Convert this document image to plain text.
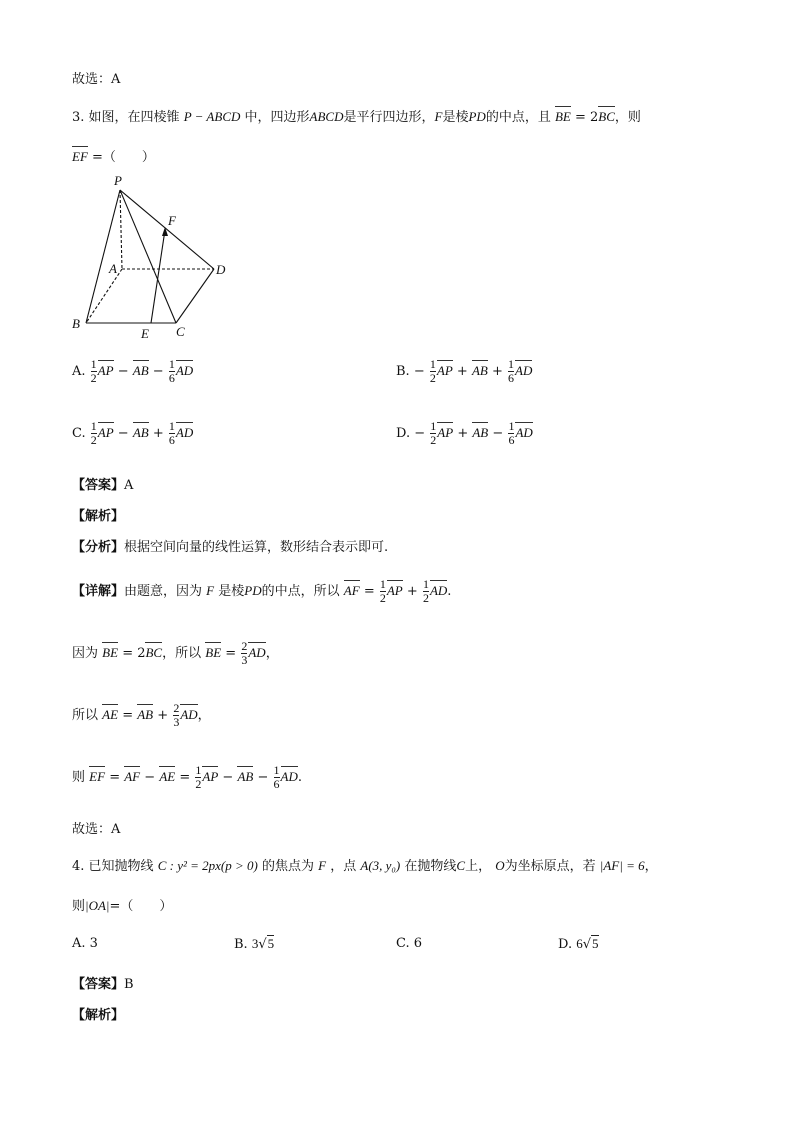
故选：A
3. 如图，在四棱锥 P − ABCD 中，四边形ABCD是平行四边形，F是棱PD的中点，且 BE = 2BC，则
EF =（　　）
P
F
A	D
B
E C
A. $\frac{1}{2}$ AP − AB − $\frac{1}{6}$ AD	B. − $\frac{1}{2}$ AP + AB + $\frac{1}{6}$ AD
C. $\frac{1}{2}$ AP − AB + $\frac{1}{6}$ AD	D. − $\frac{1}{2}$ AP + AB − $\frac{1}{6}$ AD
【答案】A
【解析】
【分析】根据空间向量的线性运算，数形结合表示即可.
【详解】由题意，因为 F 是棱PD的中点，所以 AF = $\frac{1}{2}$ AP + $\frac{1}{2}$ AD.
因为 BE = 2BC，所以 BE = $\frac{2}{3}$ AD，
所以 AE = AB + $\frac{2}{3}$ AD，
则 EF = AF − AE = $\frac{1}{2}$ AP − AB − $\frac{1}{6}$ AD.
故选：A
4. 已知抛物线 C : y² = 2px(p > 0) 的焦点为 F ，点 A(3, y₀) 在抛物线C上， O为坐标原点，若 |AF| = 6，
则|OA|=（　　）
A. 3	B. 3√5	C. 6	D. 6√5
【答案】B
【解析】
